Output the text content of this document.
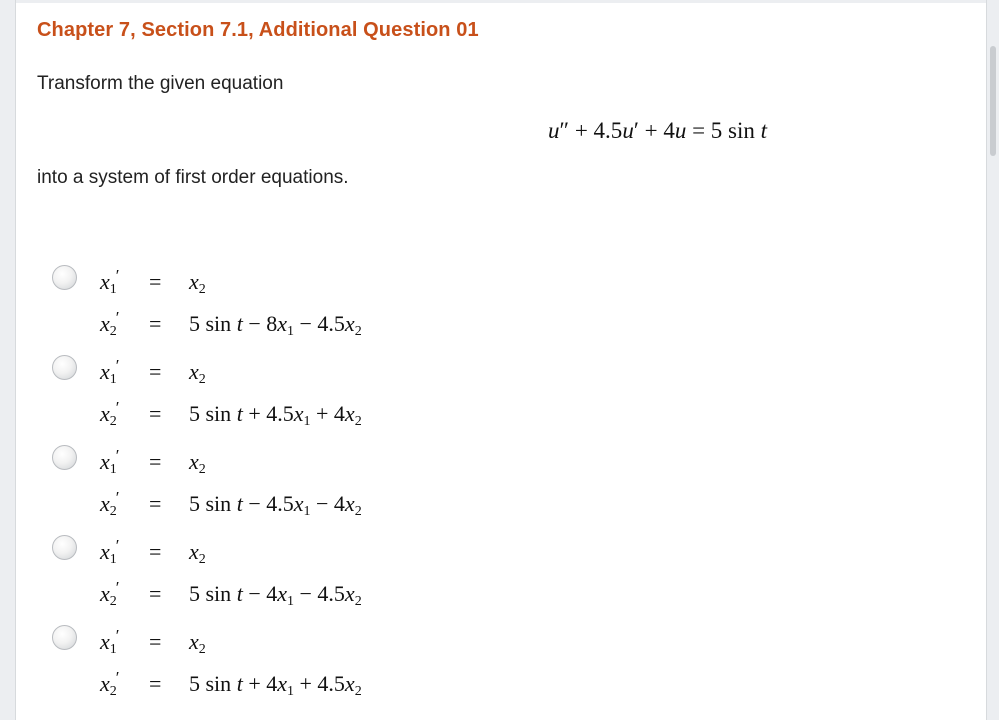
Chapter 7, Section 7.1, Additional Question 01
Transform the given equation
u″ + 4.5u′ + 4u = 5 sin t
into a system of first order equations.
$x_1'$	= $x_2$
$x_2'$	= 5 $\sin t - 8x_1 - 4.5x_2$
$x_1'$	= $x_2$
$x_2'$	= 5 $\sin t + 4.5x_1 + 4x_2$
$x_1'$	= $x_2$
$x_2'$	= 5 $\sin t - 4.5x_1 - 4x_2$
$x_1'$	= $x_2$
$x_2'$	= 5 $\sin t - 4x_1 - 4.5x_2$
$x_1'$	= $x_2$
$x_2'$	= 5 $\sin t + 4x_1 + 4.5x_2$
